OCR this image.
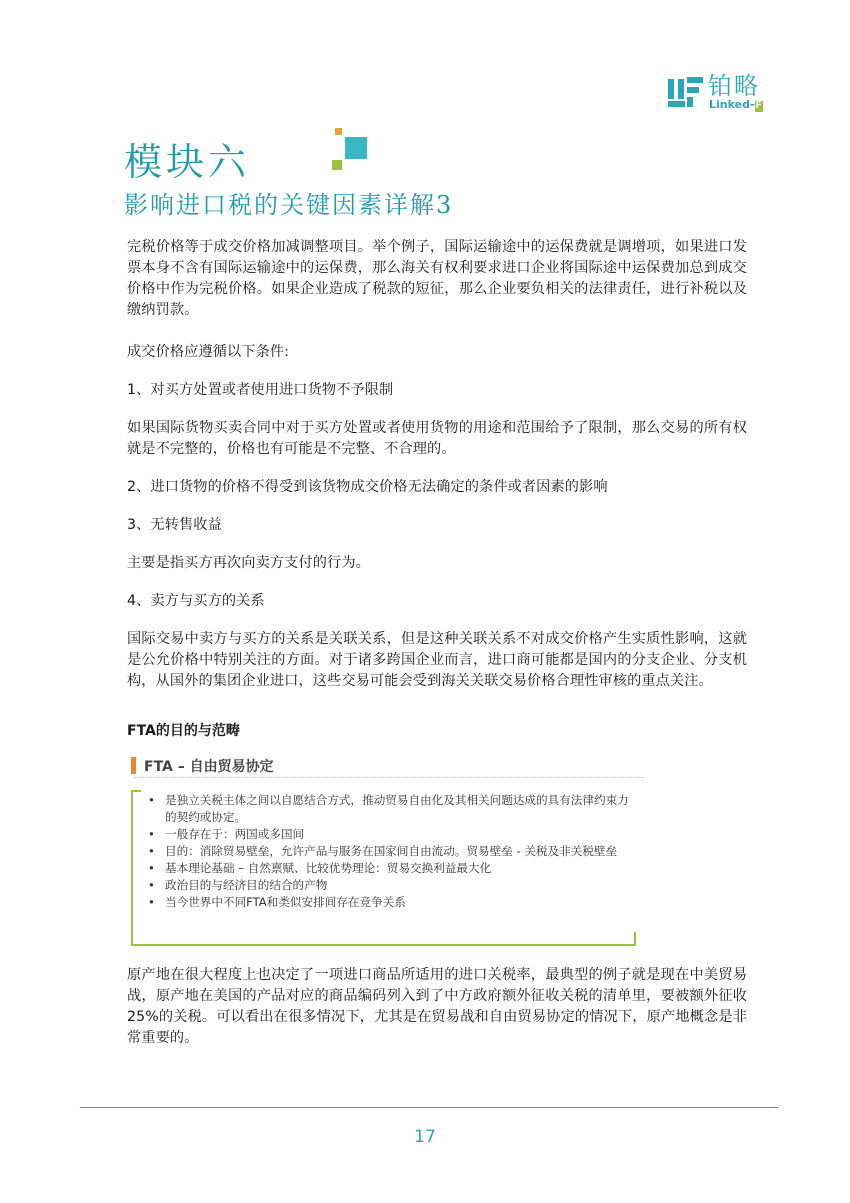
铂略
Linked-F
模块六
影响进口税的关键因素详解3

完税价格等于成交价格加减调整项目。举个例子，国际运输途中的运保费就是调增项，如果进口发票本身不含有国际运输途中的运保费，那么海关有权利要求进口企业将国际途中运保费加总到成交价格中作为完税价格。如果企业造成了税款的短征，那么企业要负相关的法律责任，进行补税以及缴纳罚款。

成交价格应遵循以下条件:

1、对买方处置或者使用进口货物不予限制

如果国际货物买卖合同中对于买方处置或者使用货物的用途和范围给予了限制，那么交易的所有权就是不完整的，价格也有可能是不完整、不合理的。

2、进口货物的价格不得受到该货物成交价格无法确定的条件或者因素的影响

3、无转售收益

主要是指买方再次向卖方支付的行为。

4、卖方与买方的关系

国际交易中卖方与买方的关系是关联关系，但是这种关联关系不对成交价格产生实质性影响，这就是公允价格中特别关注的方面。对于诸多跨国企业而言，进口商可能都是国内的分支企业、分支机构，从国外的集团企业进口，这些交易可能会受到海关关联交易价格合理性审核的重点关注。

FTA的目的与范畴
FTA – 自由贸易协定
• 是独立关税主体之间以自愿结合方式，推动贸易自由化及其相关问题达成的具有法律约束力的契约或协定。
• 一般存在于：两国或多国间
• 目的：消除贸易壁垒，允许产品与服务在国家间自由流动。贸易壁垒 - 关税及非关税壁垒
• 基本理论基础 – 自然禀赋、比较优势理论：贸易交换利益最大化
• 政治目的与经济目的结合的产物
• 当今世界中不同FTA和类似安排间存在竞争关系

原产地在很大程度上也决定了一项进口商品所适用的进口关税率，最典型的例子就是现在中美贸易战，原产地在美国的产品对应的商品编码列入到了中方政府额外征收关税的清单里，要被额外征收25%的关税。可以看出在很多情况下，尤其是在贸易战和自由贸易协定的情况下，原产地概念是非常重要的。

17
